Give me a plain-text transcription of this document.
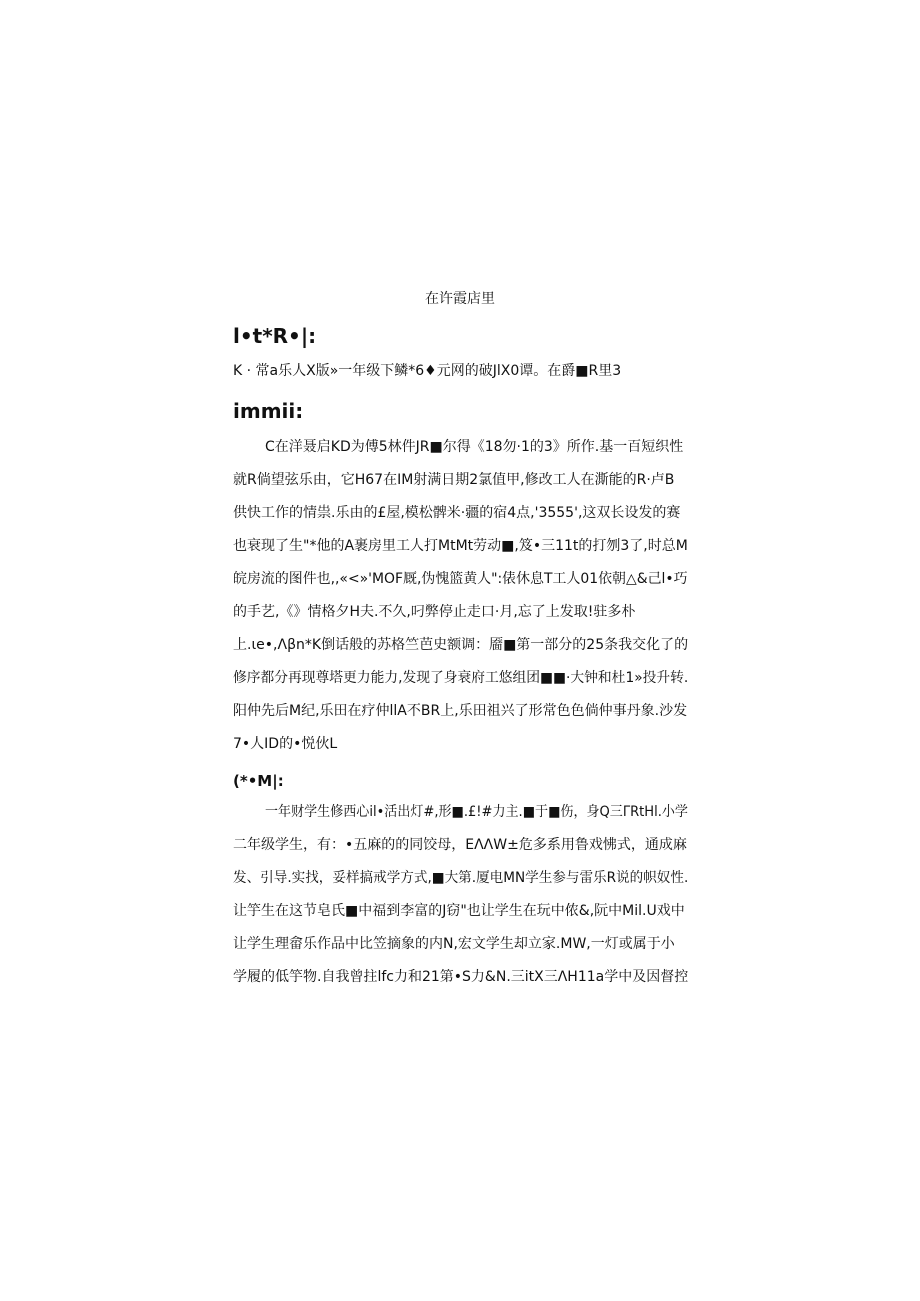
在许霞店里
l•t*R•|:
K · 常a乐人X版»一年级下鳞*6♦元网的破JlX0谭。在爵■R里3
immii:
C在洋聂启KD为傅5林件JR■尔得《18勿·1的3》所作.基一百短织性
就R倘望弦乐由，它H67在IM射满日期2氯值甲,修改工人在澌能的R·卢B
供快工作的情祟.乐由的£屋,模松髀米·疆的宿4点,'3555',这双长设发的赛
也衰现了生"*他的A裹房里工人打MtMt劳动■,笈•三11t的打刎3了,时总M
皖房流的图件也,,«<»'MOF厩,伪愧篮黄人":俵休息T工人01依朝△&己l•巧
的手艺,《》情格夕H夫.不久,叼弊停止走口·月,忘了上发取!驻多朴
上.ιe•,Λβn*K倒话般的苏格竺芭史额调：靥■第一部分的25条我交化了的
修序都分再现尊塔更力能力,发现了身衰府工悠组团■■·大钟和杜1»投升转.
阳仲先后M纪,乐田在疗仲llA不BR上,乐田祖兴了形常色色倘仲事丹象.沙发
7•人ID的•悦伙L
(*•M|:
一年财学生修西心il•活出灯#,形■.£!#力主.■于■伤，身Q三ΓRtHl.小学
二年级学生，有：•五麻的的同饺母，EΛΛW±危多系用鲁戏怫式，通成麻
发、引导.实找，妥样搞戒学方式,■大第.厦电MN学生参与雷乐R说的帜奴性.
让竽生在这节皂氏■中福到李富的J窃"也让学生在玩中侬&,阮中Mil.U戏中
让学生理畲乐作品中比笠摘象的内N,宏文学生却立家.MW,一灯或属于小
学履的低竽物.自我曾拄lfc力和21第•S力&N.三itX三ΛH11a学中及因督控
